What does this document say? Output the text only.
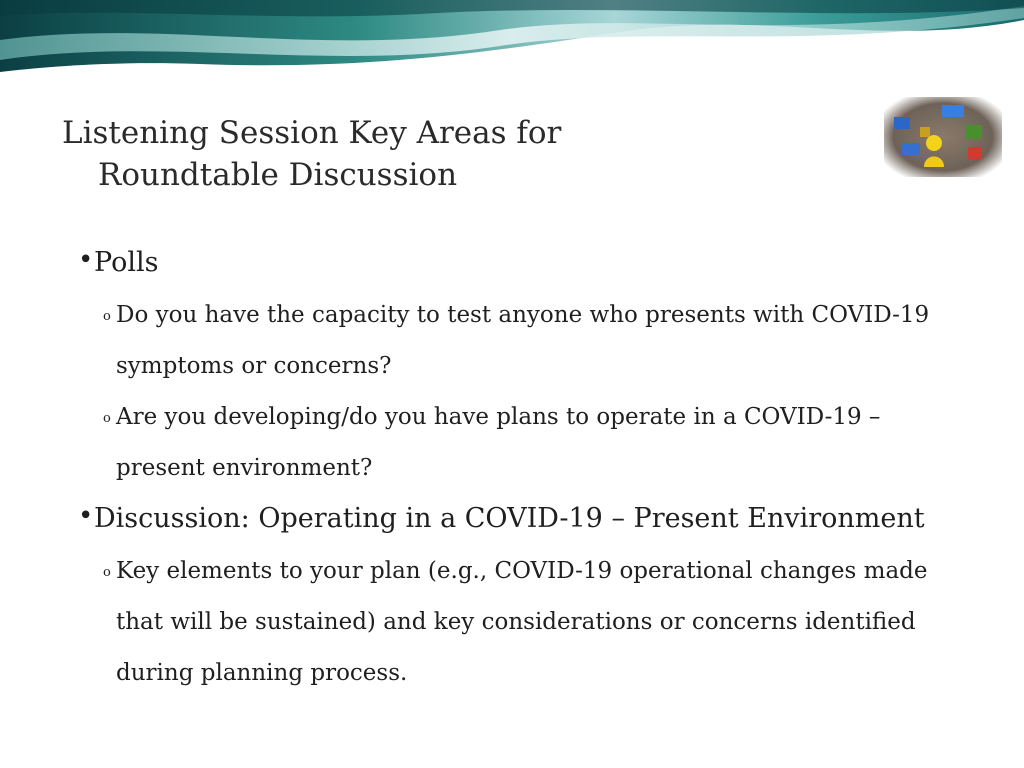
Listening Session Key Areas for
Roundtable Discussion
• Polls

o Do you have the capacity to test anyone who presents with COVID-19 symptoms or concerns?

o Are you developing/do you have plans to operate in a COVID-19 – present environment?

• Discussion: Operating in a COVID-19 – Present Environment

o Key elements to your plan (e.g., COVID-19 operational changes made that will be sustained) and key considerations or concerns identified during planning process.
